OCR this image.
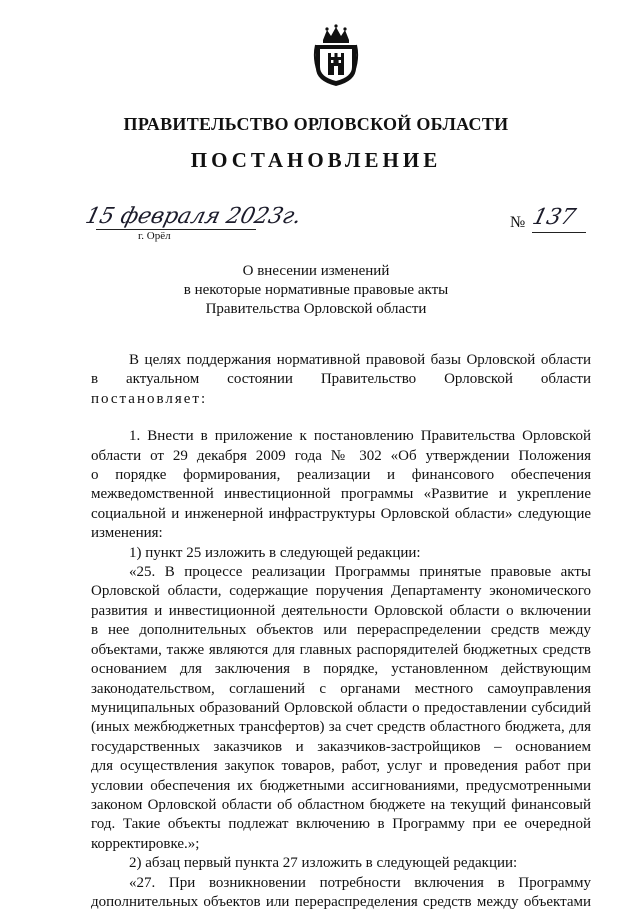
ПРАВИТЕЛЬСТВО ОРЛОВСКОЙ ОБЛАСТИ
ПОСТАНОВЛЕНИЕ
15 февраля 2023г.
г. Орёл
№ 137
О внесении изменений
в некоторые нормативные правовые акты
Правительства Орловской области

В целях поддержания нормативной правовой базы Орловской области

в актуальном состоянии Правительство Орловской области

постановляет:

1. Внести в приложение к постановлению Правительства Орловской

области от 29 декабря 2009 года № 302 «Об утверждении Положения

о порядке формирования, реализации и финансового обеспечения

межведомственной инвестиционной программы «Развитие и укрепление

социальной и инженерной инфраструктуры Орловской области» следующие

изменения:

1) пункт 25 изложить в следующей редакции:

«25. В процессе реализации Программы принятые правовые акты

Орловской области, содержащие поручения Департаменту экономического

развития и инвестиционной деятельности Орловской области о включении

в нее дополнительных объектов или перераспределении средств между

объектами, также являются для главных распорядителей бюджетных средств

основанием для заключения в порядке, установленном действующим

законодательством, соглашений с органами местного самоуправления

муниципальных образований Орловской области о предоставлении субсидий

(иных межбюджетных трансфертов) за счет средств областного бюджета, для

государственных заказчиков и заказчиков-застройщиков – основанием

для осуществления закупок товаров, работ, услуг и проведения работ при

условии обеспечения их бюджетными ассигнованиями, предусмотренными

законом Орловской области об областном бюджете на текущий финансовый

год. Такие объекты подлежат включению в Программу при ее очередной

корректировке.»;

2) абзац первый пункта 27 изложить в следующей редакции:

«27. При возникновении потребности включения в Программу

дополнительных объектов или перераспределения средств между объектами
